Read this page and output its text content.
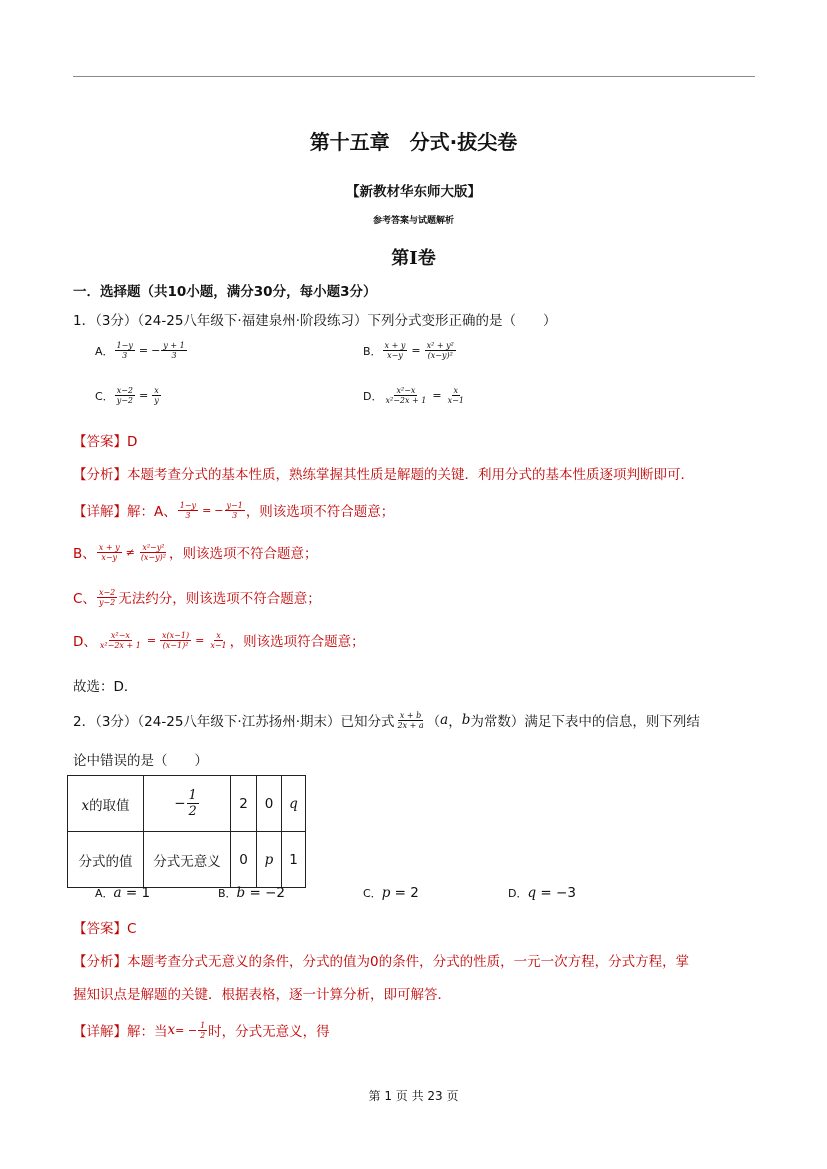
第十五章　分式·拔尖卷
【新教材华东师大版】
参考答案与试题解析
第Ⅰ卷
一．选择题（共10小题，满分30分，每小题3分）
1．（3分）（24-25八年级下·福建泉州·阶段练习）下列分式变形正确的是（　　）
A． $\frac{1-y}{3}$ = − $\frac{y + 1}{3}$	B． $\frac{x + y}{x-y} = \frac{\text{x² + y²}}{\text{(x−y)²}}$
C． $\frac{x-2}{y-2} = \frac{x}{y}$	D． $\frac{\text{x²−x}}{\text{x²−2x + 1}} = \frac{x}{x-1}$
【答案】D
【分析】本题考查分式的基本性质，熟练掌握其性质是解题的关键．利用分式的基本性质逐项判断即可．
【详解】 解：A、 $\frac{1-y}{3}$ = − $\frac{y-1}{3}$ ，则该选项不符合题意；
B、 $\frac{x + y}{x-y} \ne \frac{\text{x²−y²}}{\text{(x−y)²}}$ ，则该选项不符合题意；
C、 $\frac{x-2}{y-2}$ 无法约分，则该选项不符合题意；
D、 $\frac{\text{x²−x}}{\text{x²−2x + 1}} = \frac{x(x-1)}{\text{(x−1)²}} = \frac{x}{x-1}$ ，则该选项符合题意；
故选：D．
2．（3分）（24-25八年级下·江苏扬州·期末）已知分式 $\frac{x + b}{2x + a}$ （ a ， b 为常数）满足下表中的信息，则下列结
论中错误的是（　　）
x的取值	− $\frac{1}{2}$	2	0	q
分式的值	分式无意义	0	p	1
A．a = 1	B．b = −2	C．p = 2	D．q = −3
【答案】C
【分析】本题考查分式无意义的条件，分式的值为0的条件，分式的性质，一元一次方程，分式方程，掌
握知识点是解题的关键．根据表格，逐一计算分析，即可解答．
【详解】 解：当 x = − $\frac{1}{2}$ 时，分式无意义，得
第 1 页 共 23 页
